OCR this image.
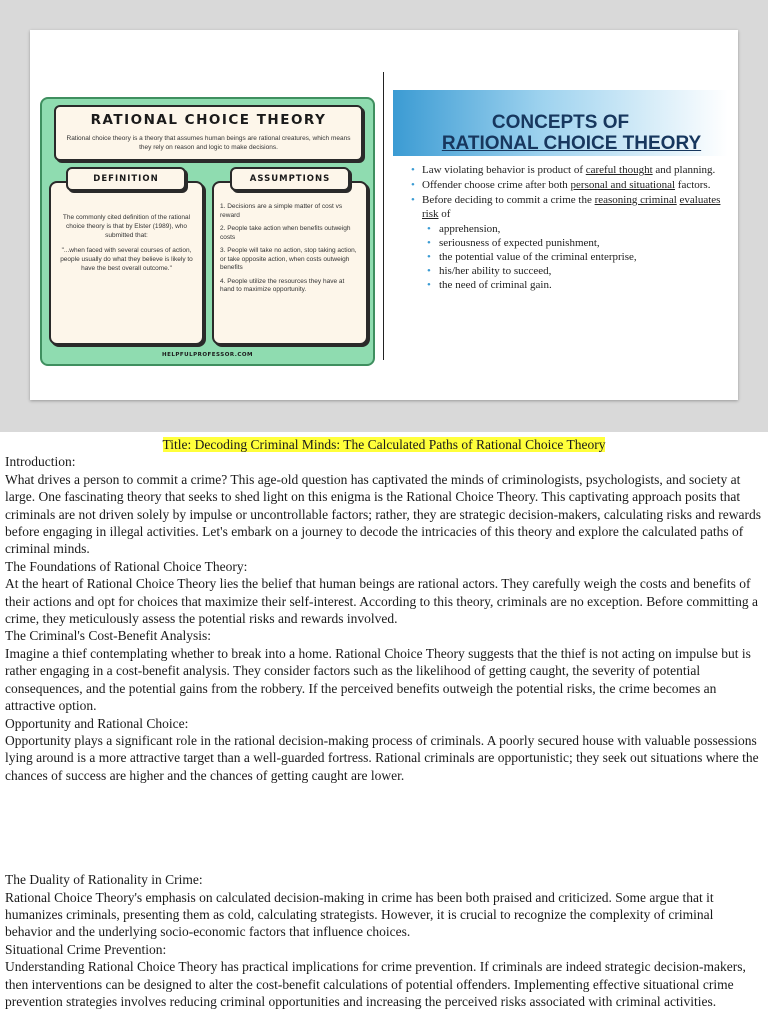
RATIONAL CHOICE THEORY
Rational choice theory is a theory that assumes human beings are rational creatures, which means they rely on reason and logic to make decisions.

The commonly cited definition of the rational choice theory is that by Elster (1989), who submitted that:

"...when faced with several courses of action, people usually do what they believe is likely to have the best overall outcome."

DEFINITION

1. Decisions are a simple matter of cost vs reward

2. People take action when benefits outweigh costs

3. People will take no action, stop taking action, or take opposite action, when costs outweigh benefits

4. People utilize the resources they have at hand to maximize opportunity.

ASSUMPTIONS
HELPFULPROFESSOR.COM
CONCEPTS OF
RATIONAL CHOICE THEORY
• Law violating behavior is product of careful thought and planning.
• Offender choose crime after both personal and situational factors.
• Before deciding to commit a crime the reasoning criminal evaluates risk of
• apprehension,
• seriousness of expected punishment,
• the potential value of the criminal enterprise,
• his/her ability to succeed,
• the need of criminal gain.

Title: Decoding Criminal Minds: The Calculated Paths of Rational Choice Theory

Introduction:

What drives a person to commit a crime? This age-old question has captivated the minds of criminologists, psychologists, and society at large. One fascinating theory that seeks to shed light on this enigma is the Rational Choice Theory. This captivating approach posits that criminals are not driven solely by impulse or uncontrollable factors; rather, they are strategic decision-makers, calculating risks and rewards before engaging in illegal activities. Let's embark on a journey to decode the intricacies of this theory and explore the calculated paths of criminal minds.

The Foundations of Rational Choice Theory:

At the heart of Rational Choice Theory lies the belief that human beings are rational actors. They carefully weigh the costs and benefits of their actions and opt for choices that maximize their self-interest. According to this theory, criminals are no exception. Before committing a crime, they meticulously assess the potential risks and rewards involved.

The Criminal's Cost-Benefit Analysis:

Imagine a thief contemplating whether to break into a home. Rational Choice Theory suggests that the thief is not acting on impulse but is rather engaging in a cost-benefit analysis. They consider factors such as the likelihood of getting caught, the severity of potential consequences, and the potential gains from the robbery. If the perceived benefits outweigh the potential risks, the crime becomes an attractive option.

Opportunity and Rational Choice:

Opportunity plays a significant role in the rational decision-making process of criminals. A poorly secured house with valuable possessions lying around is a more attractive target than a well-guarded fortress. Rational criminals are opportunistic; they seek out situations where the chances of success are higher and the chances of getting caught are lower.

The Duality of Rationality in Crime:

Rational Choice Theory's emphasis on calculated decision-making in crime has been both praised and criticized. Some argue that it humanizes criminals, presenting them as cold, calculating strategists. However, it is crucial to recognize the complexity of criminal behavior and the underlying socio-economic factors that influence choices.

Situational Crime Prevention:

Understanding Rational Choice Theory has practical implications for crime prevention. If criminals are indeed strategic decision-makers, then interventions can be designed to alter the cost-benefit calculations of potential offenders. Implementing effective situational crime prevention strategies involves reducing criminal opportunities and increasing the perceived risks associated with criminal activities.
